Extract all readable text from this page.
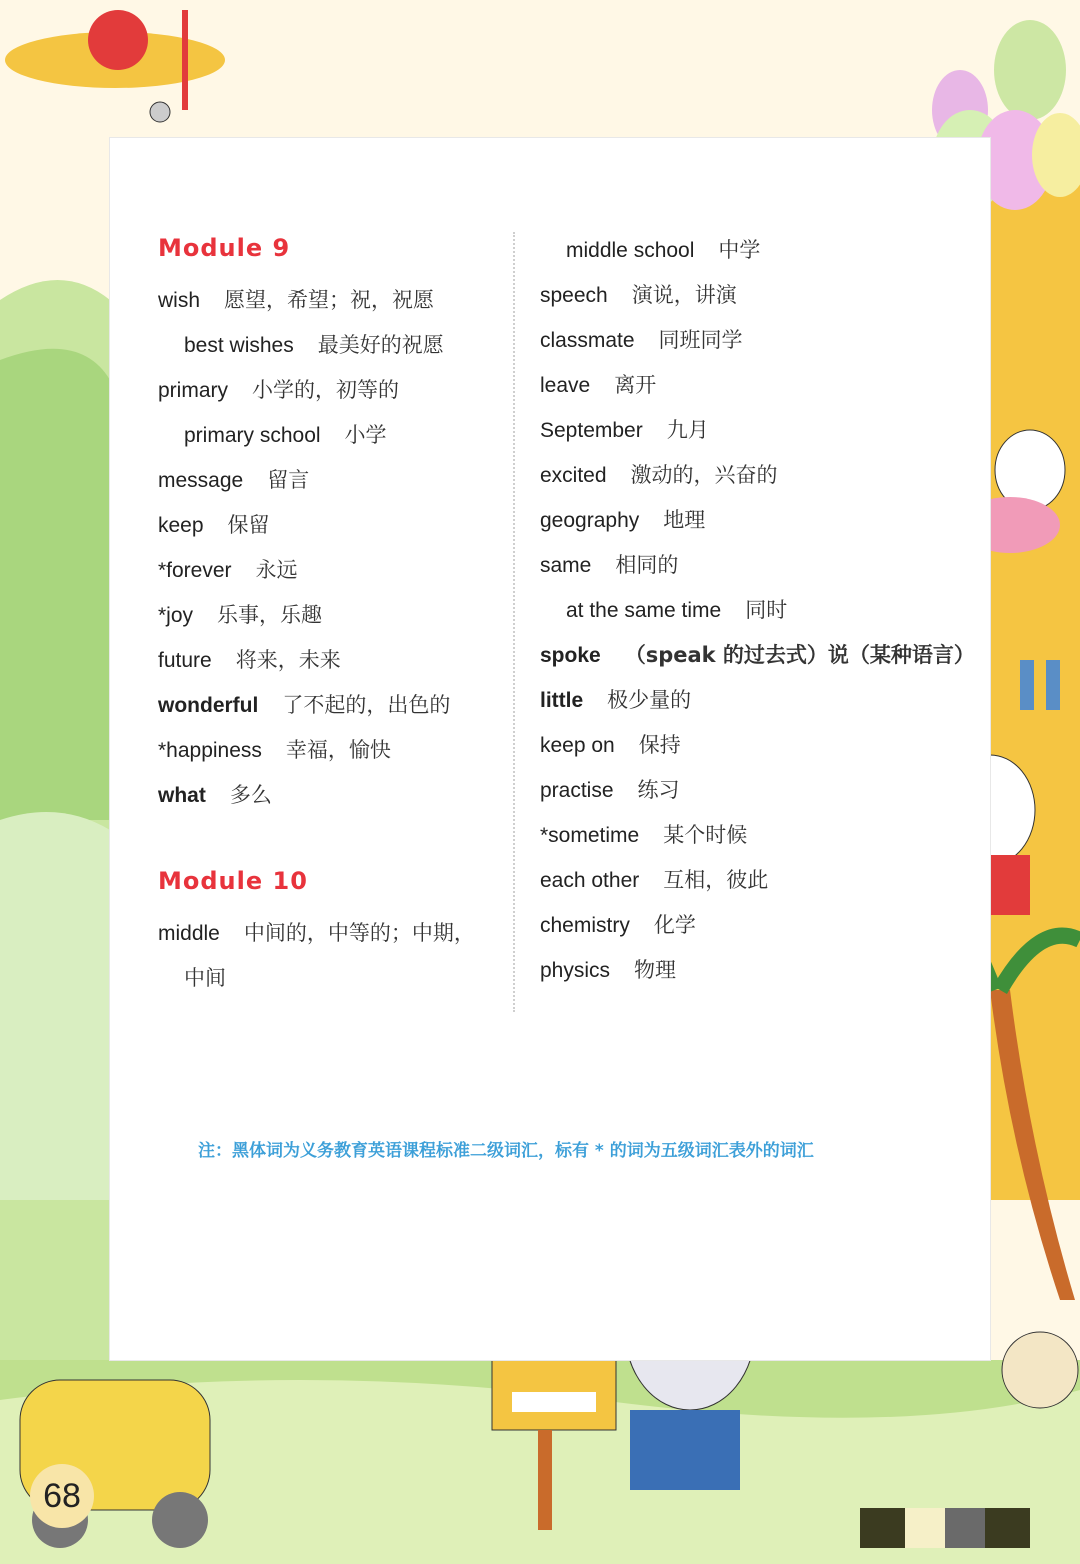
Module 9
wish 愿望，希望；祝，祝愿
best wishes 最美好的祝愿
primary 小学的，初等的
primary school 小学
message 留言
keep 保留
*forever 永远
*joy 乐事，乐趣
future 将来，未来
wonderful 了不起的，出色的
*happiness 幸福，愉快
what 多么
Module 10
middle 中间的，中等的；中期，
中间
middle school 中学
speech 演说，讲演
classmate 同班同学
leave 离开
September 九月
excited 激动的，兴奋的
geography 地理
same 相同的
at the same time 同时
spoke （speak 的过去式）说（某种语言）
little 极少量的
keep on 保持
practise 练习
*sometime 某个时候
each other 互相，彼此
chemistry 化学
physics 物理
注：黑体词为义务教育英语课程标准二级词汇，标有 * 的词为五级词汇表外的词汇
68
